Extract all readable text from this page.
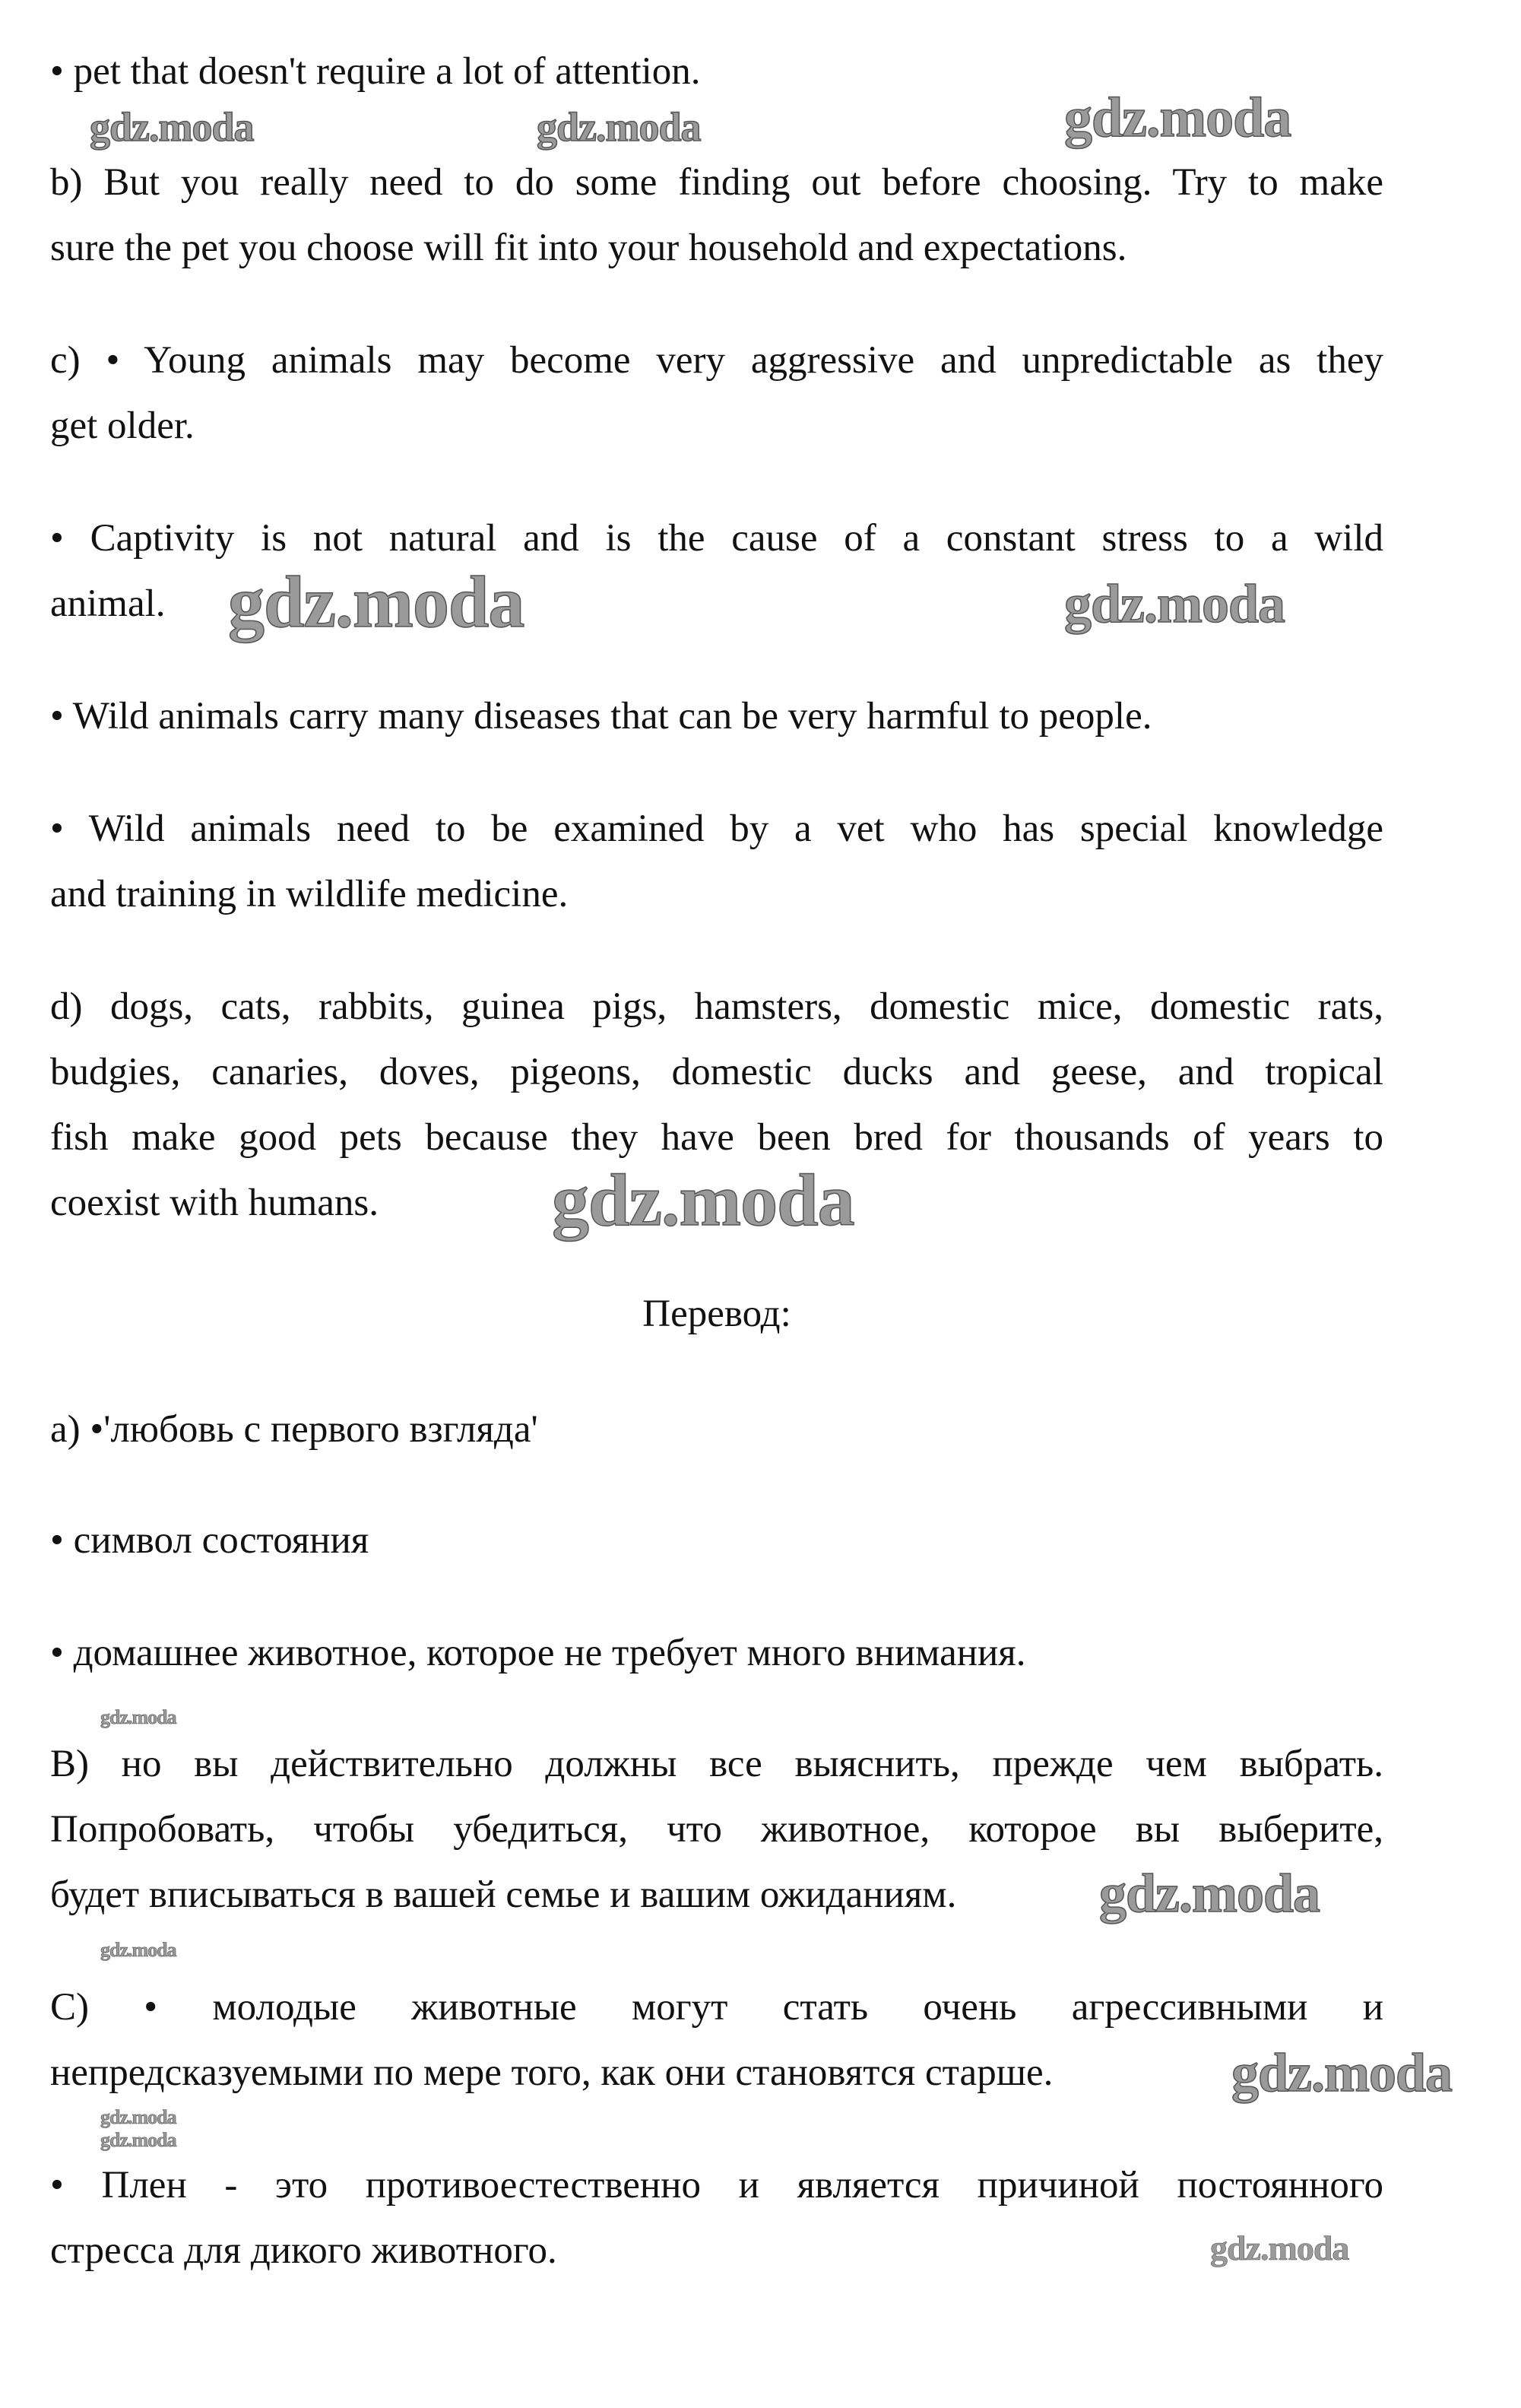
• pet that doesn't require a lot of attention.
b) But you really need to do some finding out before choosing. Try to make
sure the pet you choose will fit into your household and expectations.
c) • Young animals may become very aggressive and unpredictable as they
get older.
• Captivity is not natural and is the cause of a constant stress to a wild
animal.
• Wild animals carry many diseases that can be very harmful to people.
• Wild animals need to be examined by a vet who has special knowledge
and training in wildlife medicine.
d) dogs, cats, rabbits, guinea pigs, hamsters, domestic mice, domestic rats,
budgies, canaries, doves, pigeons, domestic ducks and geese, and tropical
fish make good pets because they have been bred for thousands of years to
coexist with humans.
Перевод:
а) •'любовь с первого взгляда'
• символ состояния
• домашнее животное, которое не требует много внимания.
В) но вы действительно должны все выяснить, прежде чем выбрать.
Попробовать, чтобы убедиться, что животное, которое вы выберите,
будет вписываться в вашей семье и вашим ожиданиям.
С) • молодые животные могут стать очень агрессивными и
непредсказуемыми по мере того, как они становятся старше.
• Плен - это противоестественно и является причиной постоянного
стресса для дикого животного.
gdz.moda	gdz.moda	gdz.moda
gdz.moda	gdz.moda
gdz.moda
gdz.moda
gdz.moda
gdz.moda
gdz.moda
gdz.moda
gdz.moda
gdz.moda
